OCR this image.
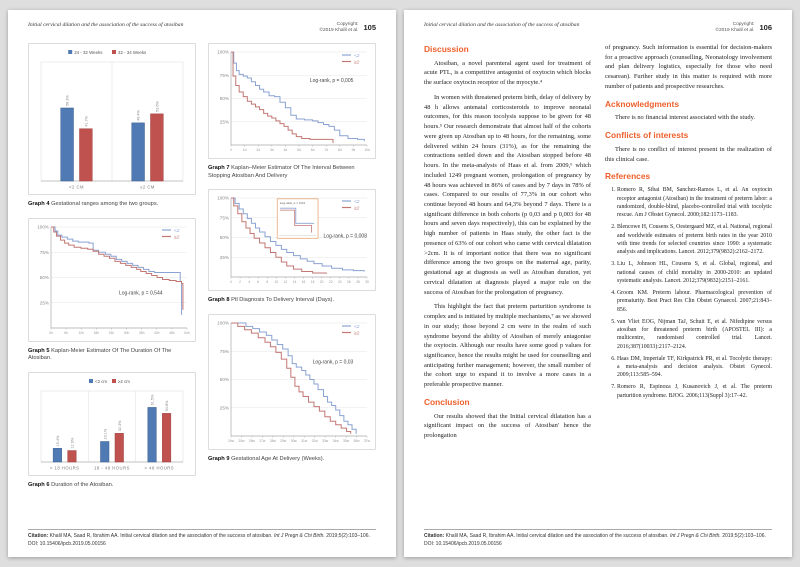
Initial cervical dilation and the association of the success of atosiban	Copyright:
©2019 Khalil et al. 105
24 - 32 Weeks	32 - 34 Weeks
58.3%
41.7%
<2 CM
46.4%
53.6%
≥2 CM
Graph 4 Gestational ranges among the two groups.
100%
75%
50%
25%
0h	6h	12h	18h	24h	30h	36h	42h	48h	54h
<2
≥2
Log-rank, p = 0,544
Graph 5 Kaplan-Meier Estimator Of The Duration Of The Atosiban.
<2 cm ≥2 cm
15.4%	12.9%
< 18 HOURS
23.1%
32.3%
18 - 48 HOURS
61.5%
54.8%
> 48 HOURS
Graph 6 Duration of the Atosiban.
100%
75%
50%
25%
0	1d	2d	3d	4d	5d	6d	7d	8d	9d	10d
<2
≥2
Log-rank, p = 0,005
Graph 7 Kaplan–Meier Estimator Of The Interval Between Stopping Atosiban And Delivery
100%
75%
50%
25%
0 2 4 6 8 10 12 14 16 18 20 22 24 26 28 30
<2
≥2
Log-rank, p = 0,008
Log-rank, p = 0,04
Graph 8 Ptl Diagnosis To Delivery Interval (Days).
100%
75%
50%
25%
24w 25w 26w 27w 28w 29w 30w 31w 32w 33w 34w 35w 36w 37w
<2
≥2
Log-rank, p = 0,03
Graph 9 Gestational Age At Delivery (Weeks).
Citation: Khalil MA, Saad R, Ibrahim AA. Initial cervical dilation and the association of the success of atosiban. Int J Pregn & Chi Birth. 2019;5(2):103–106.
DOI: 10.15406/ipcb.2019.05.00156
Initial cervical dilation and the association of the success of atosiban	Copyright:
©2019 Khalil et al. 106
Discussion

Atosiban, a novel parenteral agent used for treatment of acute PTL, is a competitive antagonist of oxytocin which blocks the surface oxytocin receptor of the myocyte.⁴

In women with threatened preterm birth, delay of delivery by 48 h allows antenatal corticosteroids to improve neonatal outcomes, for this reason tocolysis suppose to be given for 48 hours.⁵ Our research demonstrate that almost half of the cohorts were given up Atosiban up to 48 hours, for the remaining, some delivered within 24 hours (31%), as for the remaining the contractions settled down and the Atosiban stopped before 48 hours. In the meta-analysis of Haas et al. from 2009,⁶ which included 1249 pregnant women, prolongation of pregnancy by 48 hours was achieved in 86% of cases and by 7 days in 78% of cases. Compared to our results of 77,3% in our cohort who continue beyond 48 hours and 64,3% beyond 7 days. There is a significant difference in both cohorts (p 0,03 and p 0,003 for 48 hours and seven days respectively), this can be explained by the high number of patients in Haas study, the other fact is the presence of 63% of our cohort who came with cervical dilatation >2cm. It is of important notice that there was no significant difference among the two groups on the maternal age, parity, gestational age at diagnosis as well as Atosiban duration, yet cervical dilatation at diagnosis played a major rule on the success of Atosiban for the prolongation of pregnancy.

This highlight the fact that preterm parturition syndrome is complex and is initiated by multiple mechanisms,⁷ as we showed in our study; those beyond 2 cm were in the realm of such syndrome beyond the ability of Atosiban of merely antagonise the oxytocin. Although our results have some good p values for significance, hence the results might be used for counselling and anticipating further management; however, the small number of the cohort urge to expand it to involve a more cases in a preferable prospective manner.

Conclusion

Our results showed that the Initial cervical dilatation has a significant impact on the success of Atosiban' hence the prolongation

of pregnancy. Such information is essential for decision-makers for a proactive approach (counselling, Neonatology involvement and plan delivery logistics, especially for those who need cesarean). Further study in this matter is required with more number of patients and prospective researches.

Acknowledgments

There is no financial interest associated with the study.

Conflicts of interests

There is no conflict of interest present in the realization of this clinical case.

References
1. Romero R, Sibai BM, Sanchez-Ramos L, et al. An oxytocin receptor antagonist (Atosiban) in the treatment of preterm labor: a randomized, double-blind, placebo-controlled trial with tocolytic rescue. Am J Obstet Gynecol. 2000;182:1173–1183.
2. Blencowe H, Cousens S, Oestergaard MZ, et al. National, regional and worldwide estimates of preterm birth rates in the year 2010 with time trends for selected countries since 1990: a systematic analysis and implications. Lancet. 2012;379(9832):2162–2172.
3. Liu L, Johnson HL, Cousens S, et al. Global, regional, and national causes of child mortality in 2000-2010: an updated systematic analysis. Lancet. 2012;379(9832):2151–2161.
4. Groom KM. Preterm labour. Pharmacological prevention of prematurity. Best Pract Res Clin Obstet Gynaecol. 2007;21:843–856.
5. van Vliet EOG, Nijman TaJ, Schuit E, et al. Nifedipine versus atosiban for threatened preterm birth (APOSTEL III): a multicentre, randomised controlled trial. Lancet. 2016;387(10033):2117–2124.
6. Haas DM, Imperiale TF, Kirkpatrick PR, et al. Tocolytic therapy: a meta-analysis and decision analysis. Obstet Gynecol. 2009;113:585–594.
7. Romero R, Espinoza J, Kusanovich J, et al. The preterm parturition syndrome. BJOG. 2006;113(Suppl 3):17–42.
Citation: Khalil MA, Saad R, Ibrahim AA. Initial cervical dilation and the association of the success of atosiban. Int J Pregn & Chi Birth. 2019;5(2):103–106.
DOI: 10.15406/ipcb.2019.05.00156
